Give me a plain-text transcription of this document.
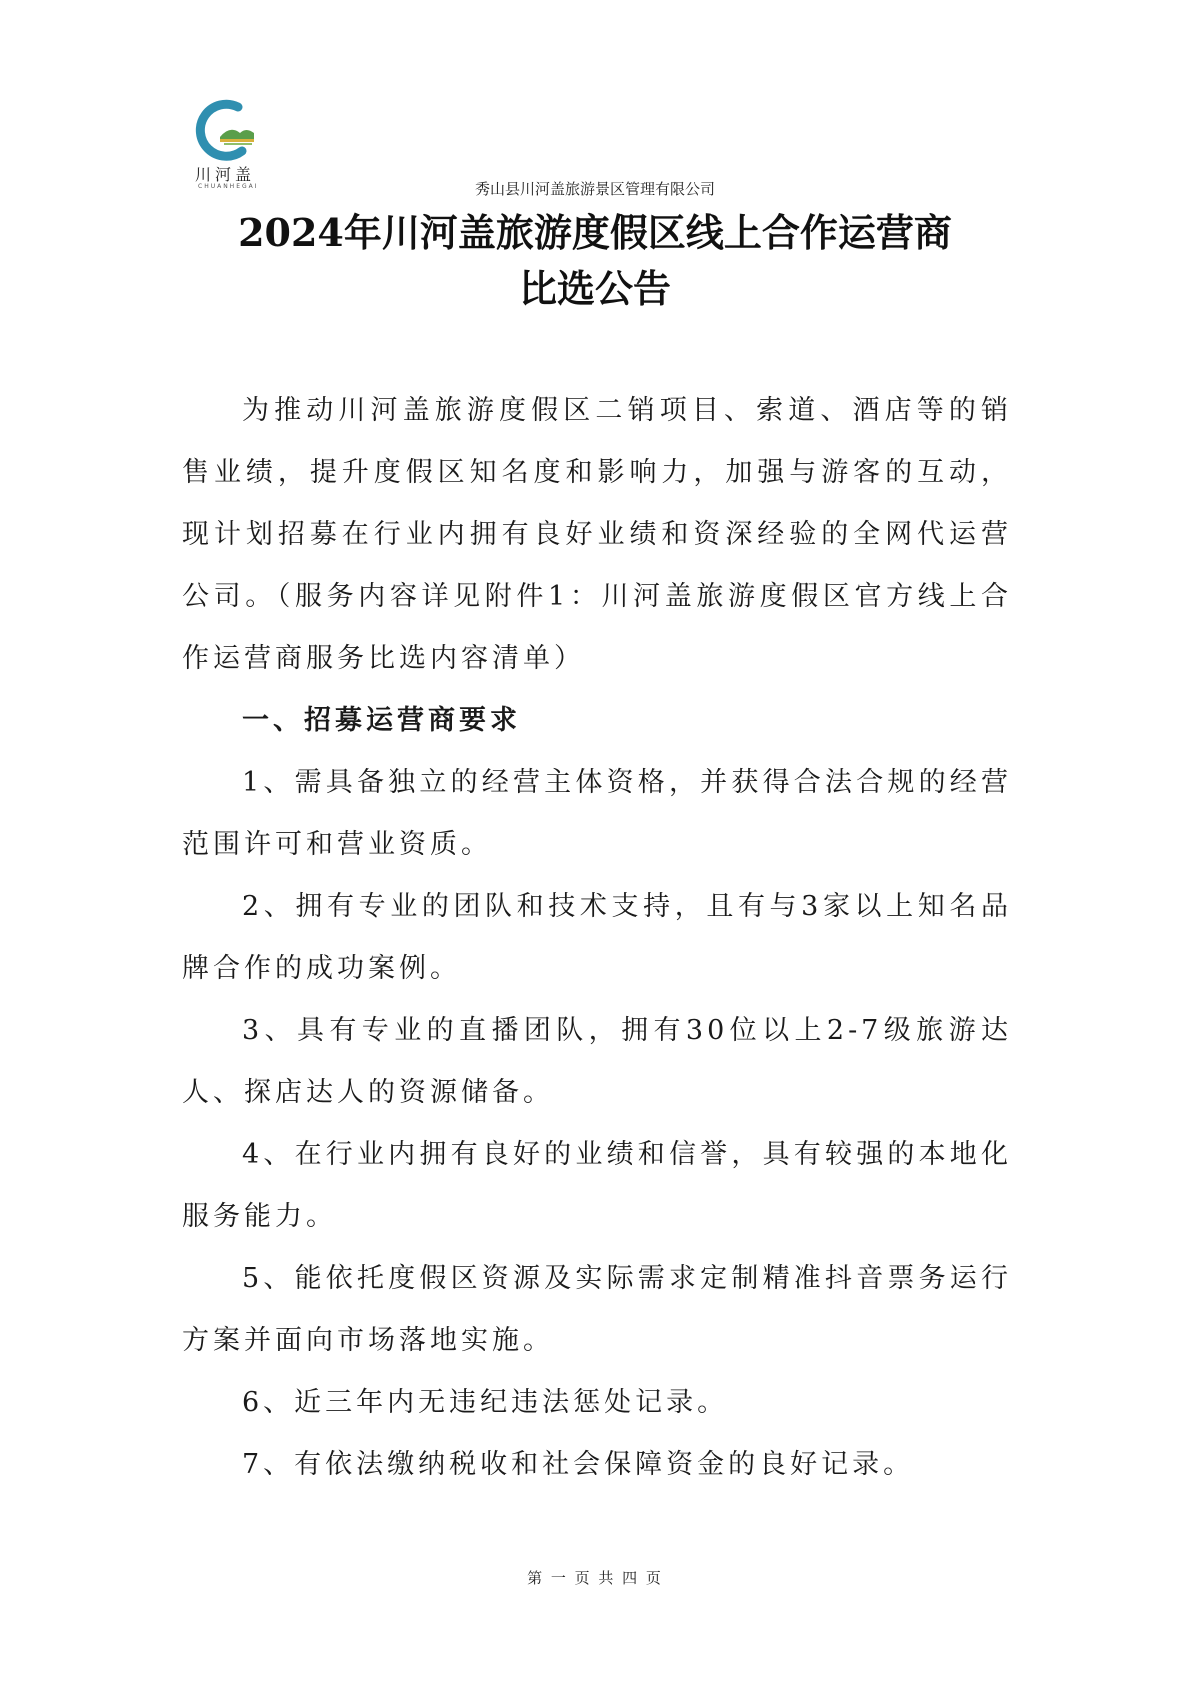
川河盖
CHUANHEGAI	秀山县川河盖旅游景区管理有限公司
2024年川河盖旅游度假区线上合作运营商
比选公告

为推动川河盖旅游度假区二销项目、索道、酒店等的销售业绩，提升度假区知名度和影响力，加强与游客的互动，现计划招募在行业内拥有良好业绩和资深经验的全网代运营公司。（服务内容详见附件1：川河盖旅游度假区官方线上合作运营商服务比选内容清单）

一、招募运营商要求

1、需具备独立的经营主体资格，并获得合法合规的经营范围许可和营业资质。

2、拥有专业的团队和技术支持，且有与3家以上知名品牌合作的成功案例。

3、具有专业的直播团队，拥有30位以上2-7级旅游达人、探店达人的资源储备。

4、在行业内拥有良好的业绩和信誉，具有较强的本地化服务能力。

5、能依托度假区资源及实际需求定制精准抖音票务运行方案并面向市场落地实施。

6、近三年内无违纪违法惩处记录。

7、有依法缴纳税收和社会保障资金的良好记录。

第 一 页 共 四 页
